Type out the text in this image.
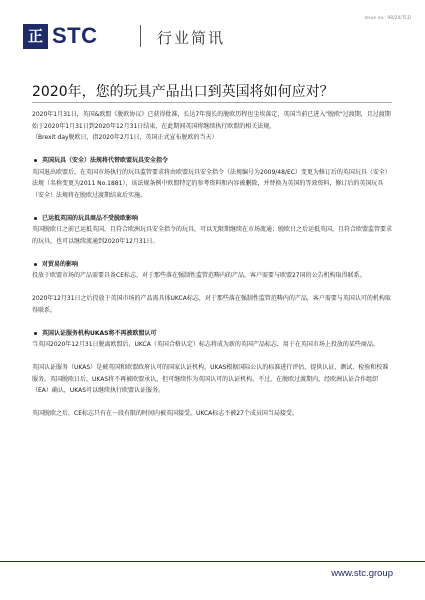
Issue no.: 98/20/TCD
正 STC	行业简讯
2020年，您的玩具产品出口到英国将如何应对？

2020年1月31日，英国&欧盟《脱欧协议》已获得批准，长达7年漫长的脱欧历程也尘埃落定，英国当前已进入"脱欧"过渡期，且过渡期始于2020年1月31日到2020年12月31日结束，在此期间英国将继续执行欧盟的相关法规。

（Brexit day脱欧日，指2020年2月1日，英国正式宣布脱欧的当天）

英国玩具（安全）法规将代替欧盟玩具安全指令

英国退出欧盟后，在英国市场执行的玩具监管要求将由欧盟玩具安全指令（法规编号为2009/48/EC）变更为修订后的英国玩具（安全）法规（名称变更为2011 No.1881），该法规条例中欧盟特定的参考资料和内容被删除，并替换为英国的等效资料，修订后的英国玩具（安全）法规将在脱欧过渡期结束后实施。

已运抵英国的玩具商品不受脱欧影响

英国脱欧日之前已运抵英国，且符合欧洲玩具安全指令的玩具，可以无限期继续在市场流通；脱欧日之后运抵英国，且符合欧盟监管要求的玩具，也可以继续流通到2020年12月31日。

对贸易的影响

投放于欧盟市场的产品需要具备CE标志，对于那些落在强制性监管范畴内的产品，客户需要与欧盟27国的公告机构取得联系。

2020年12月31日之后投放于英国市场的产品需具体UKCA标志，对于那些落在强制性监管范畴内的产品，客户需要与英国认可的机构取得联系。

英国认证服务机构UKAS将不再被欧盟认可

当英国2020年12月31日脱离欧盟后，UKCA（英国合格认定）标志将成为新的英国产品标志，用于在英国市场上投放的某些商品。

英国认证服务（UKAS）是被英国和欧盟政府认可的国家认证机构，UKAS根据国际公认的标准进行评估，提供认证、测试、检验和校准服务。英国脱欧日后，UKAS将不再被欧盟承认，但可继续作为英国认可的认证机构。不过，在脱欧过渡期内，经欧洲认证合作组织（EA）确认，UKAS可以继续执行欧盟认证服务。

英国脱欧之后，CE标志只有在一段有限的时间内被英国接受。UKCA标志不被27个成员国当局接受。

www.stc.group
